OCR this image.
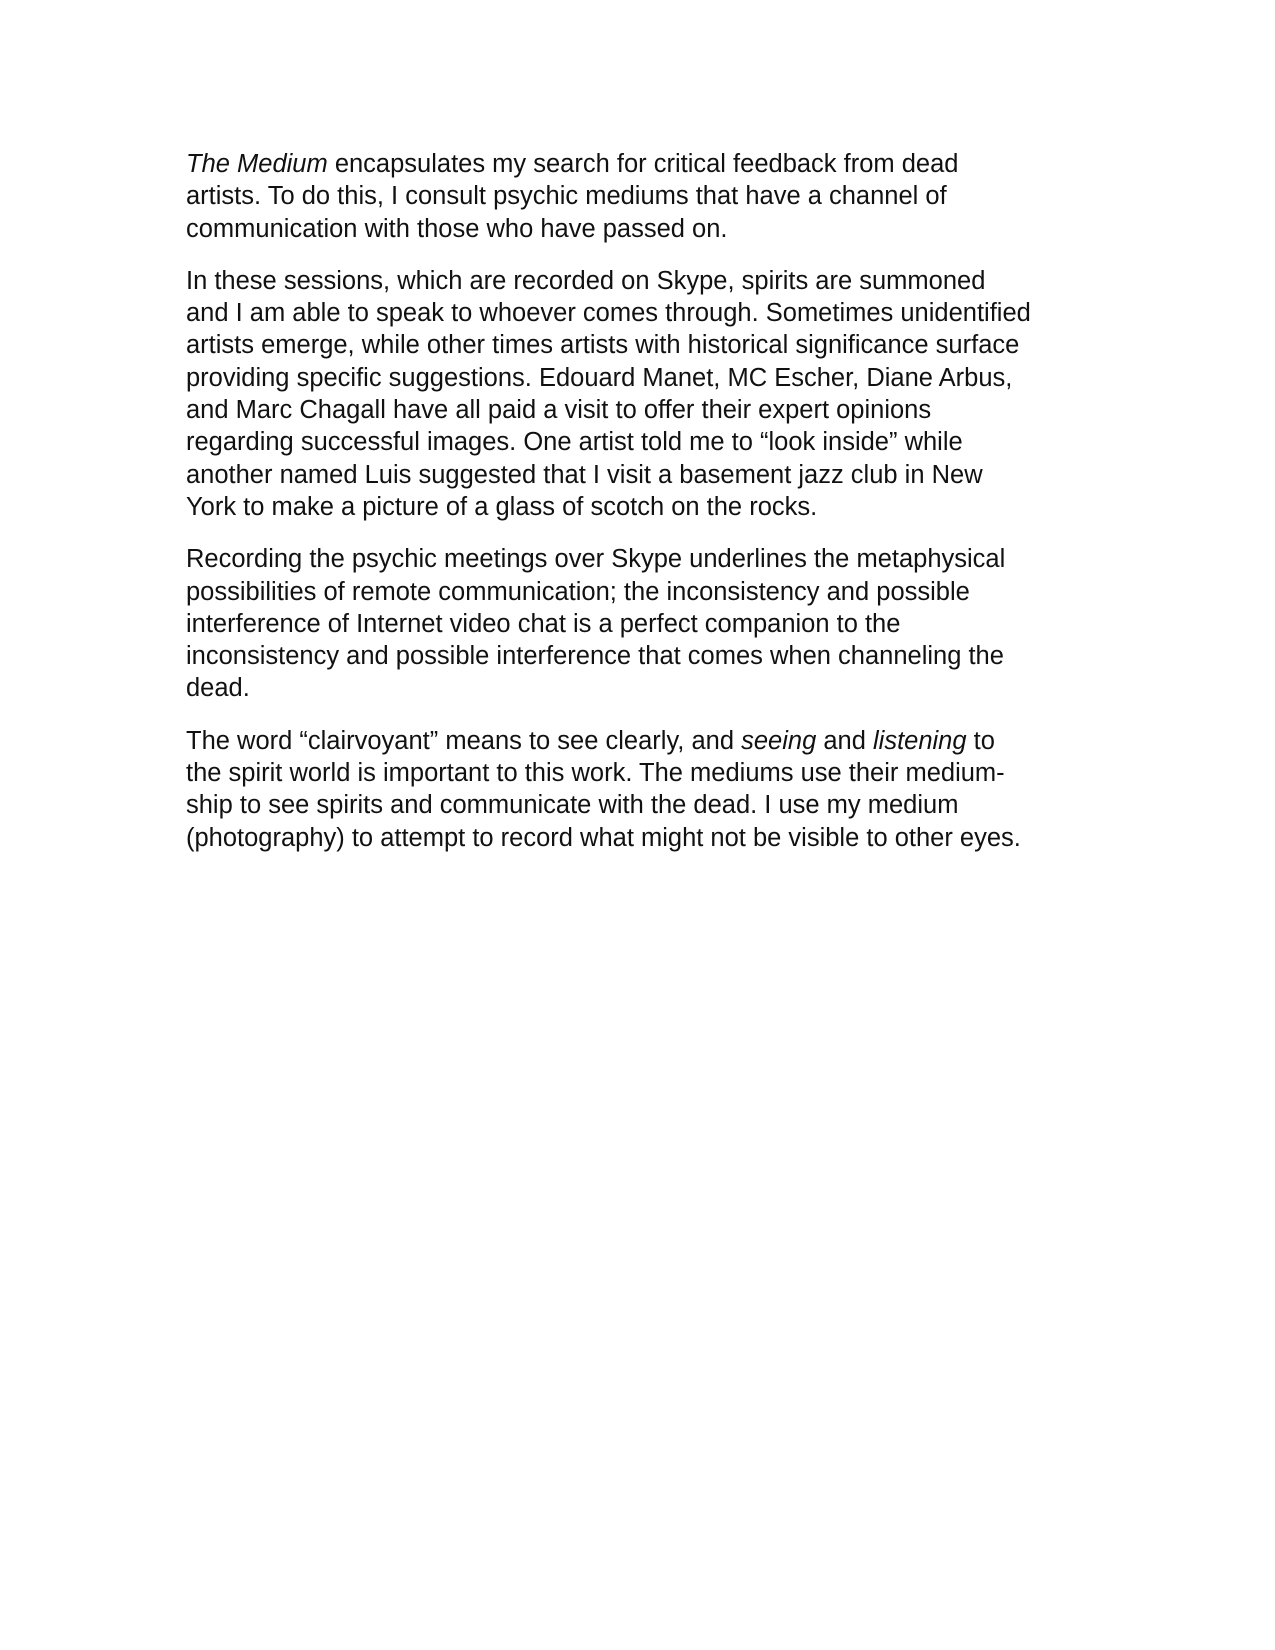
The Medium encapsulates my search for critical feedback from dead
artists. To do this, I consult psychic mediums that have a channel of
communication with those who have passed on.

In these sessions, which are recorded on Skype, spirits are summoned
and I am able to speak to whoever comes through. Sometimes unidentified
artists emerge, while other times artists with historical significance surface
providing specific suggestions. Edouard Manet, MC Escher, Diane Arbus,
and Marc Chagall have all paid a visit to offer their expert opinions
regarding successful images. One artist told me to “look inside” while
another named Luis suggested that I visit a basement jazz club in New
York to make a picture of a glass of scotch on the rocks.

Recording the psychic meetings over Skype underlines the metaphysical
possibilities of remote communication; the inconsistency and possible
interference of Internet video chat is a perfect companion to the
inconsistency and possible interference that comes when channeling the
dead.

The word “clairvoyant” means to see clearly, and seeing and listening to
the spirit world is important to this work. The mediums use their medium-
ship to see spirits and communicate with the dead. I use my medium
(photography) to attempt to record what might not be visible to other eyes.
